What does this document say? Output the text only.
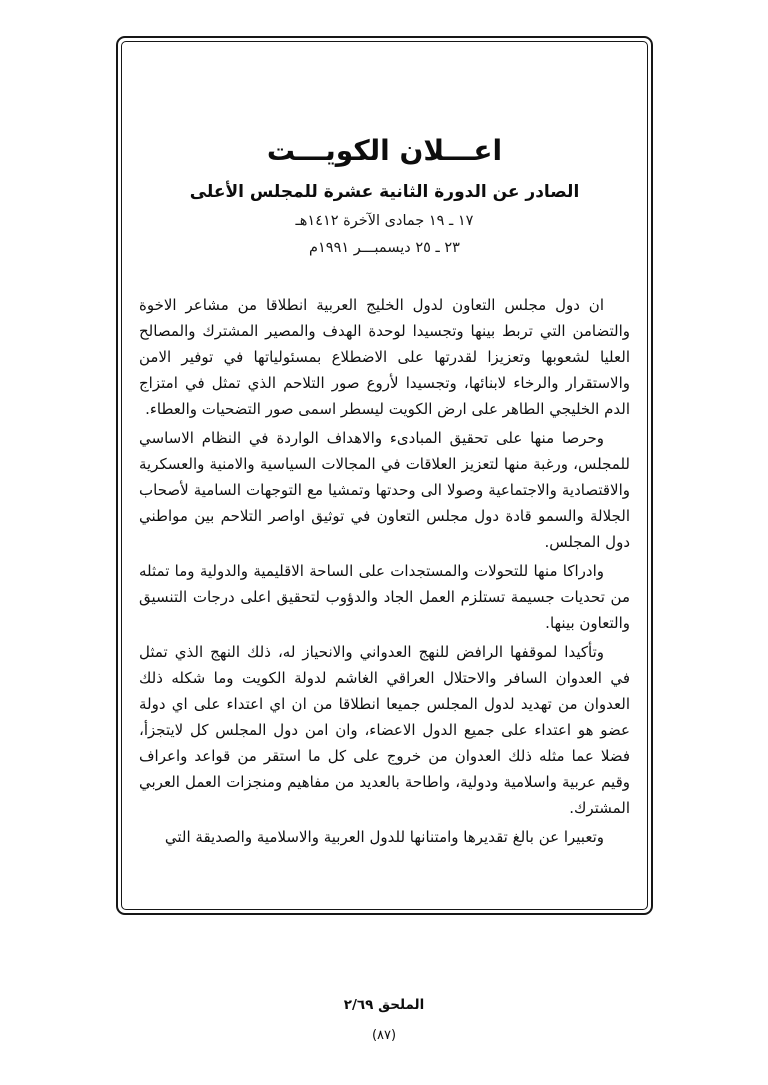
اعـــلان الكويـــت
الصادر عن الدورة الثانية عشرة للمجلس الأعلى
١٧ ـ ١٩ جمادى الآخرة ١٤١٢هـ
٢٣ ـ ٢٥ ديسمبـــر ١٩٩١م

ان دول مجلس التعاون لدول الخليج العربية انطلاقا من مشاعر الاخوة والتضامن التي تربط بينها وتجسيدا لوحدة الهدف والمصير المشترك والمصالح العليا لشعوبها وتعزيزا لقدرتها على الاضطلاع بمسئولياتها في توفير الامن والاستقرار والرخاء لابنائها، وتجسيدا لأروع صور التلاحم الذي تمثل في امتزاج الدم الخليجي الطاهر على ارض الكويت ليسطر اسمى صور التضحيات والعطاء.

وحرصا منها على تحقيق المبادىء والاهداف الواردة في النظام الاساسي للمجلس، ورغبة منها لتعزيز العلاقات في المجالات السياسية والامنية والعسكرية والاقتصادية والاجتماعية وصولا الى وحدتها وتمشيا مع التوجهات السامية لأصحاب الجلالة والسمو قادة دول مجلس التعاون في توثيق اواصر التلاحم بين مواطني دول المجلس.

وادراكا منها للتحولات والمستجدات على الساحة الاقليمية والدولية وما تمثله من تحديات جسيمة تستلزم العمل الجاد والدؤوب لتحقيق اعلى درجات التنسيق والتعاون بينها.

وتأكيدا لموقفها الرافض للنهج العدواني والانحياز له، ذلك النهج الذي تمثل في العدوان السافر والاحتلال العراقي الغاشم لدولة الكويت وما شكله ذلك العدوان من تهديد لدول المجلس جميعا انطلاقا من ان اي اعتداء على اي دولة عضو هو اعتداء على جميع الدول الاعضاء، وان امن دول المجلس كل لايتجزأ، فضلا عما مثله ذلك العدوان من خروج على كل ما استقر من قواعد واعراف وقيم عربية واسلامية ودولية، واطاحة بالعديد من مفاهيم ومنجزات العمل العربي المشترك.

وتعبيرا عن بالغ تقديرها وامتنانها للدول العربية والاسلامية والصديقة التي

الملحق ٢/٦٩
(٨٧)
